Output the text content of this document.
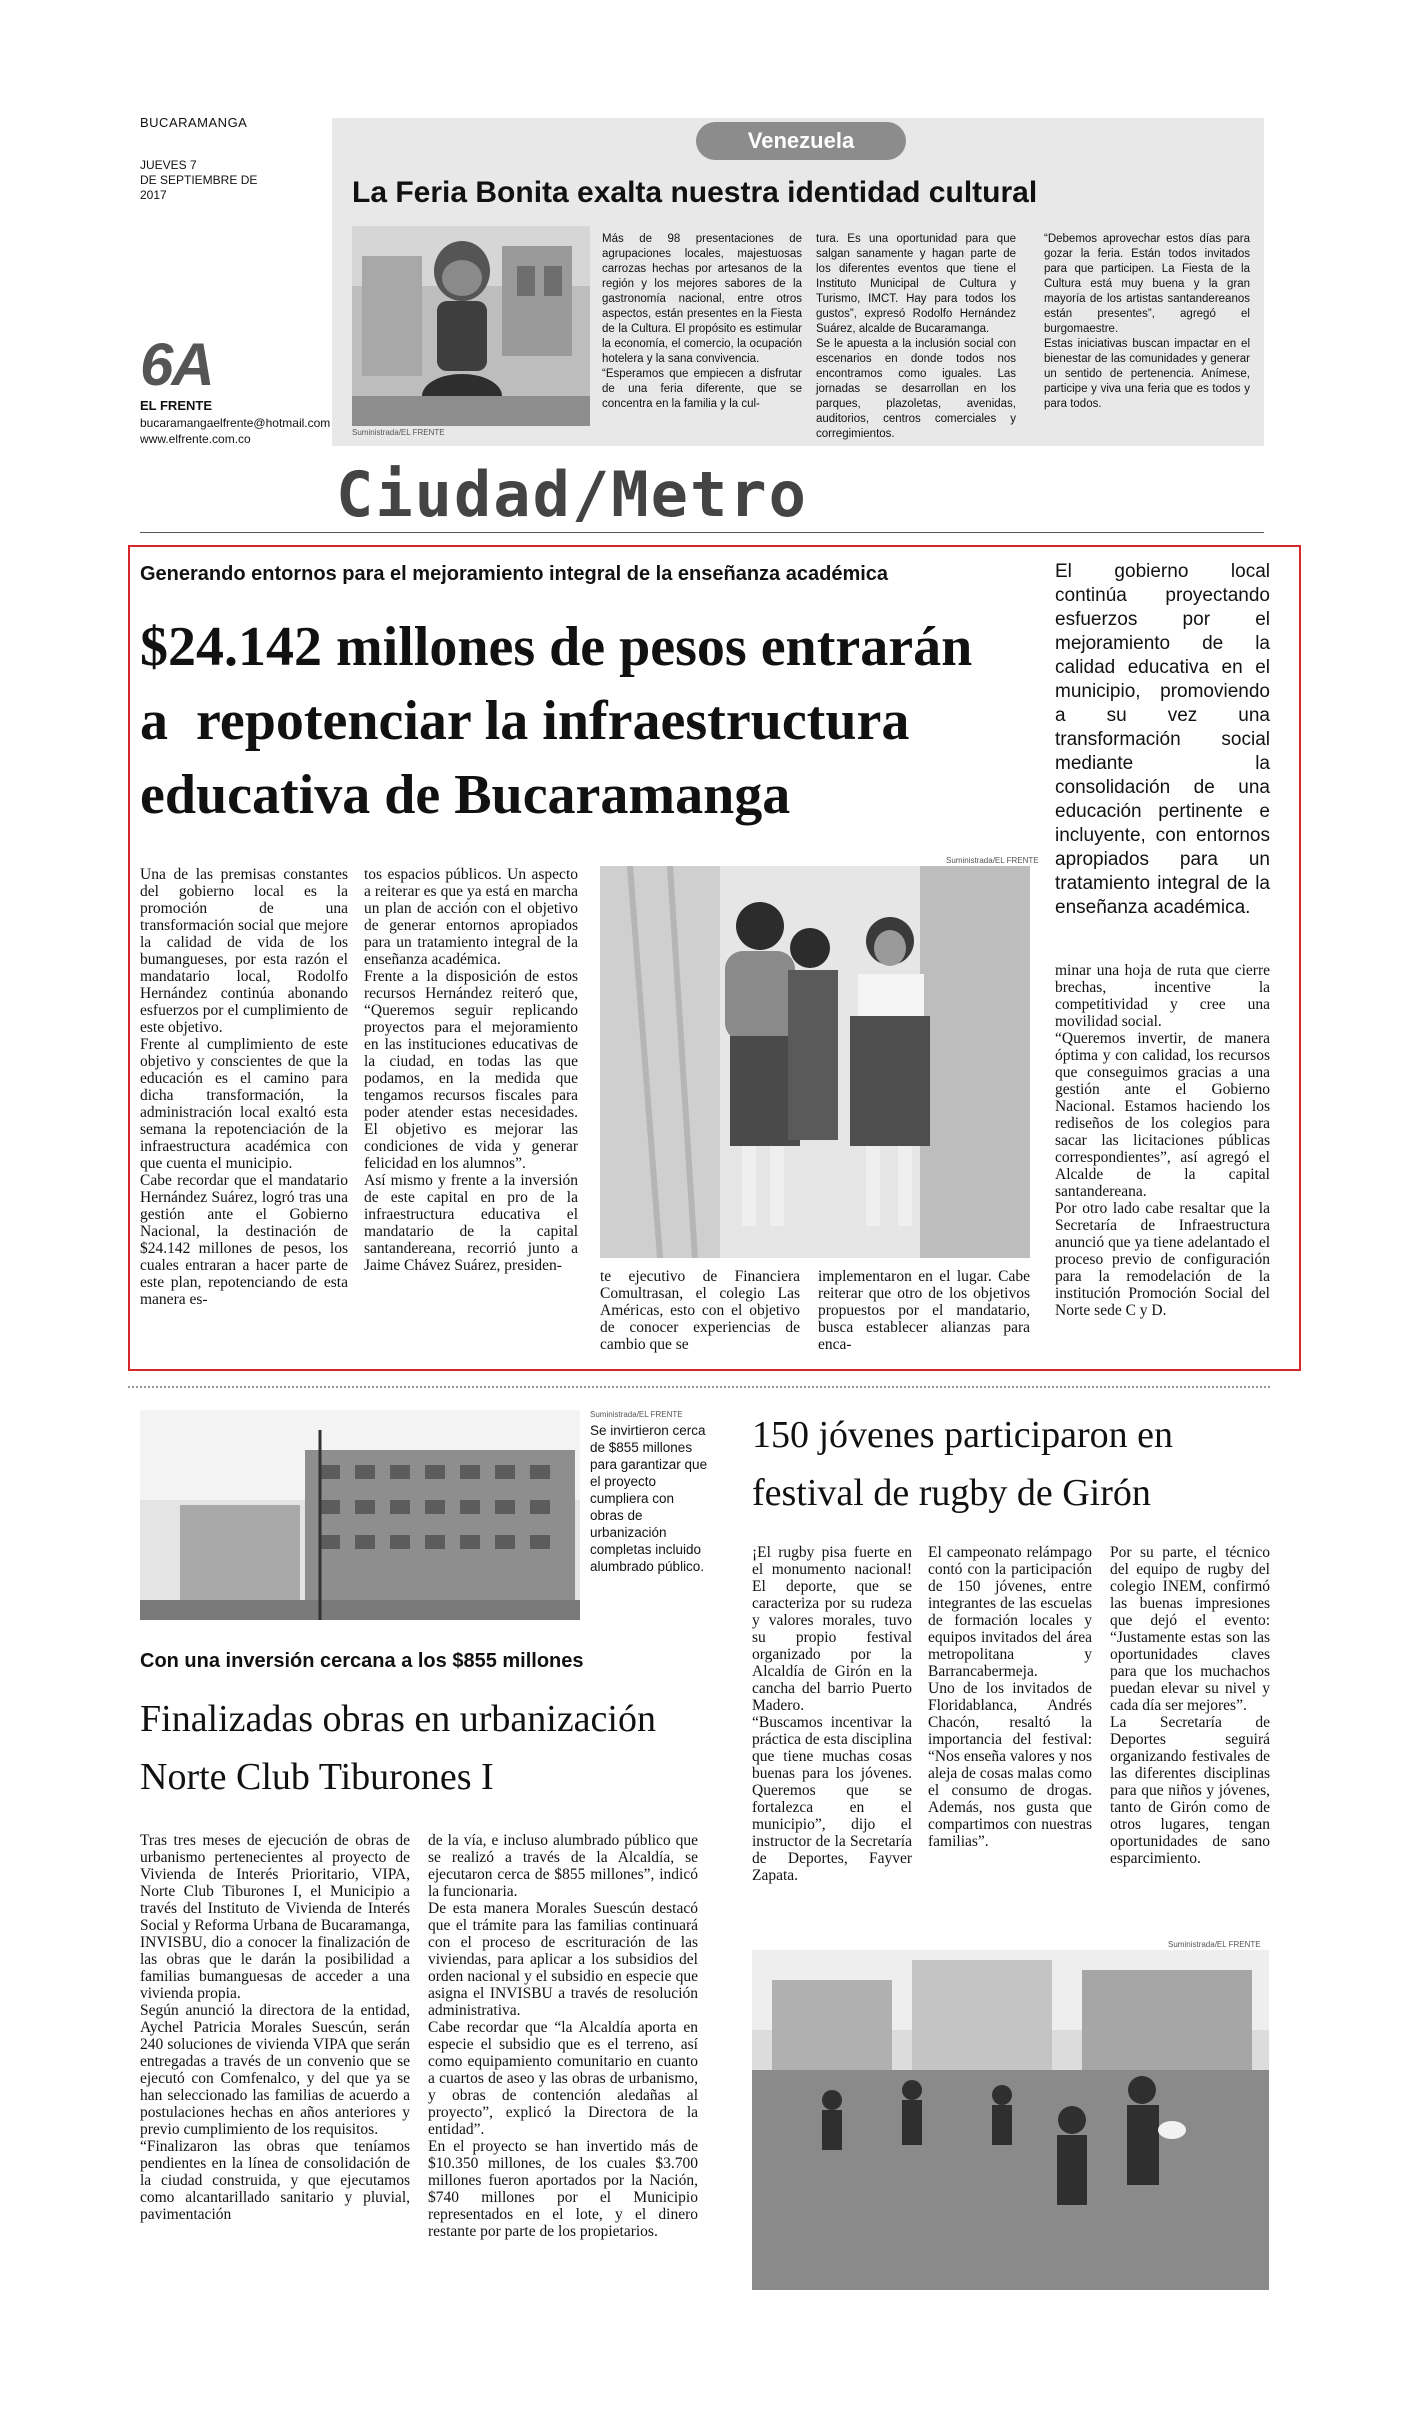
BUCARAMANGA
JUEVES 7
DE SEPTIEMBRE DE 2017
6A
EL FRENTE
bucaramangaelfrente@hotmail.com
www.elfrente.com.co
Venezuela
La Feria Bonita exalta nuestra identidad cultural
Suministrada/EL FRENTE
Más de 98 presentaciones de agrupaciones locales, majestuosas carrozas hechas por artesanos de la región y los mejores sabores de la gastronomía nacional, entre otros aspectos, están presentes en la Fiesta de la Cultura. El propósito es estimular la economía, el comercio, la ocupación hotelera y la sana convivencia.
“Esperamos que empiecen a disfrutar de una feria diferente, que se concentra en la familia y la cul-
tura. Es una oportunidad para que salgan sanamente y hagan parte de los diferentes eventos que tiene el Instituto Municipal de Cultura y Turismo, IMCT. Hay para todos los gustos”, expresó Rodolfo Hernández Suárez, alcalde de Bucaramanga.
Se le apuesta a la inclusión social con escenarios en donde todos nos encontramos como iguales. Las jornadas se desarrollan en los parques, plazoletas, avenidas, auditorios, centros comerciales y corregimientos.
“Debemos aprovechar estos días para gozar la feria. Están todos invitados para que participen. La Fiesta de la Cultura está muy buena y la gran mayoría de los artistas santandereanos están presentes”, agregó el burgomaestre.
Estas iniciativas buscan impactar en el bienestar de las comunidades y generar un sentido de pertenencia. Anímese, participe y viva una feria que es todos y para todos.
Ciudad/Metro
Generando entornos para el mejoramiento integral de la enseñanza académica
$24.142 millones de pesos entrarán
a  repotenciar la infraestructura
educativa de Bucaramanga
El gobierno local continúa proyectando esfuerzos por el mejoramiento de la calidad educativa en el municipio, promoviendo a su vez una transformación social mediante la consolidación de una educación pertinente e incluyente, con entornos apropiados para un tratamiento integral de la enseñanza académica.
Una de las premisas constantes del gobierno local es la promoción de una transformación social que mejore la calidad de vida de los bumangueses, por esta razón el mandatario local, Rodolfo Hernández continúa abonando esfuerzos por el cumplimiento de este objetivo.
Frente al cumplimiento de este objetivo y conscientes de que la educación es el camino para dicha transformación, la administración local exaltó esta semana la repotenciación de la infraestructura académica con que cuenta el municipio.
Cabe recordar que el mandatario Hernández Suárez, logró tras una gestión ante el Gobierno Nacional, la destinación de $24.142 millones de pesos, los cuales entraran a hacer parte de este plan, repotenciando de esta manera es-
tos espacios públicos. Un aspecto a reiterar es que ya está en marcha un plan de acción con el objetivo de generar entornos apropiados para un tratamiento integral de la enseñanza académica.
Frente a la disposición de estos recursos Hernández reiteró que, “Queremos seguir replicando proyectos para el mejoramiento en las instituciones educativas de la ciudad, en todas las que podamos, en la medida que tengamos recursos fiscales para poder atender estas necesidades. El objetivo es mejorar las condiciones de vida y generar felicidad en los alumnos”.
Así mismo y frente a la inversión de este capital en pro de la infraestructura educativa el mandatario de la capital santandereana, recorrió junto a Jaime Chávez Suárez, presiden-
Suministrada/EL FRENTE
te ejecutivo de Financiera Comultrasan, el colegio Las Américas, esto con el objetivo de conocer experiencias de cambio que se
implementaron en el lugar. Cabe reiterar que otro de los objetivos propuestos por el mandatario, busca establecer alianzas para enca-
minar una hoja de ruta que cierre brechas, incentive la competitividad y cree una movilidad social.
“Queremos invertir, de manera óptima y con calidad, los recursos que conseguimos gracias a una gestión ante el Gobierno Nacional. Estamos haciendo los rediseños de los colegios para sacar las licitaciones públicas correspondientes”, así agregó el Alcalde de la capital santandereana.
Por otro lado cabe resaltar que la Secretaría de Infraestructura anunció que ya tiene adelantado el proceso previo de configuración para la remodelación de la institución Promoción Social del Norte sede C y D.
Suministrada/EL FRENTE
Se invirtieron cerca de $855 millones para garantizar que el proyecto cumpliera con obras de urbanización completas incluido alumbrado público.
Con una inversión cercana a los $855 millones
Finalizadas obras en urbanización
Norte Club Tiburones I
Tras tres meses de ejecución de obras de urbanismo pertenecientes al proyecto de Vivienda de Interés Prioritario, VIPA, Norte Club Tiburones I, el Municipio a través del Instituto de Vivienda de Interés Social y Reforma Urbana de Bucaramanga, INVISBU, dio a conocer la finalización de las obras que le darán la posibilidad a familias bumanguesas de acceder a una vivienda propia.
Según anunció la directora de la entidad, Aychel Patricia Morales Suescún, serán 240 soluciones de vivienda VIPA que serán entregadas a través de un convenio que se ejecutó con Comfenalco, y del que ya se han seleccionado las familias de acuerdo a postulaciones hechas en años anteriores y previo cumplimiento de los requisitos.
“Finalizaron las obras que teníamos pendientes en la línea de consolidación de la ciudad construida, y que ejecutamos como alcantarillado sanitario y pluvial, pavimentación
de la vía, e incluso alumbrado público que se realizó a través de la Alcaldía, se ejecutaron cerca de $855 millones”, indicó la funcionaria.
De esta manera Morales Suescún destacó que el trámite para las familias continuará con el proceso de escrituración de las viviendas, para aplicar a los subsidios del orden nacional y el subsidio en especie que asigna el INVISBU a través de resolución administrativa.
Cabe recordar que “la Alcaldía aporta en especie el subsidio que es el terreno, así como equipamiento comunitario en cuanto a cuartos de aseo y las obras de urbanismo, y obras de contención aledañas al proyecto”, explicó la Directora de la entidad”.
En el proyecto se han invertido más de $10.350 millones, de los cuales $3.700 millones fueron aportados por la Nación, $740 millones por el Municipio representados en el lote, y el dinero restante por parte de los propietarios.
150 jóvenes participaron en
festival de rugby de Girón
¡El rugby pisa fuerte en el monumento nacional! El deporte, que se caracteriza por su rudeza y valores morales, tuvo su propio festival organizado por la Alcaldía de Girón en la cancha del barrio Puerto Madero.
“Buscamos incentivar la práctica de esta disciplina que tiene muchas cosas buenas para los jóvenes. Queremos que se fortalezca en el municipio”, dijo el instructor de la Secretaría de Deportes, Fayver Zapata.
El campeonato relámpago contó con la participación de 150 jóvenes, entre integrantes de las escuelas de formación locales y equipos invitados del área metropolitana y Barrancabermeja.
Uno de los invitados de Floridablanca, Andrés Chacón, resaltó la importancia del festival: “Nos enseña valores y nos aleja de cosas malas como el consumo de drogas. Además, nos gusta que compartimos con nuestras familias”.
Por su parte, el técnico del equipo de rugby del colegio INEM, confirmó las buenas impresiones que dejó el evento: “Justamente estas son las oportunidades claves para que los muchachos puedan elevar su nivel y cada día ser mejores”.
La Secretaría de Deportes seguirá organizando festivales de las diferentes disciplinas para que niños y jóvenes, tanto de Girón como de otros lugares, tengan oportunidades de sano esparcimiento.
Suministrada/EL FRENTE
